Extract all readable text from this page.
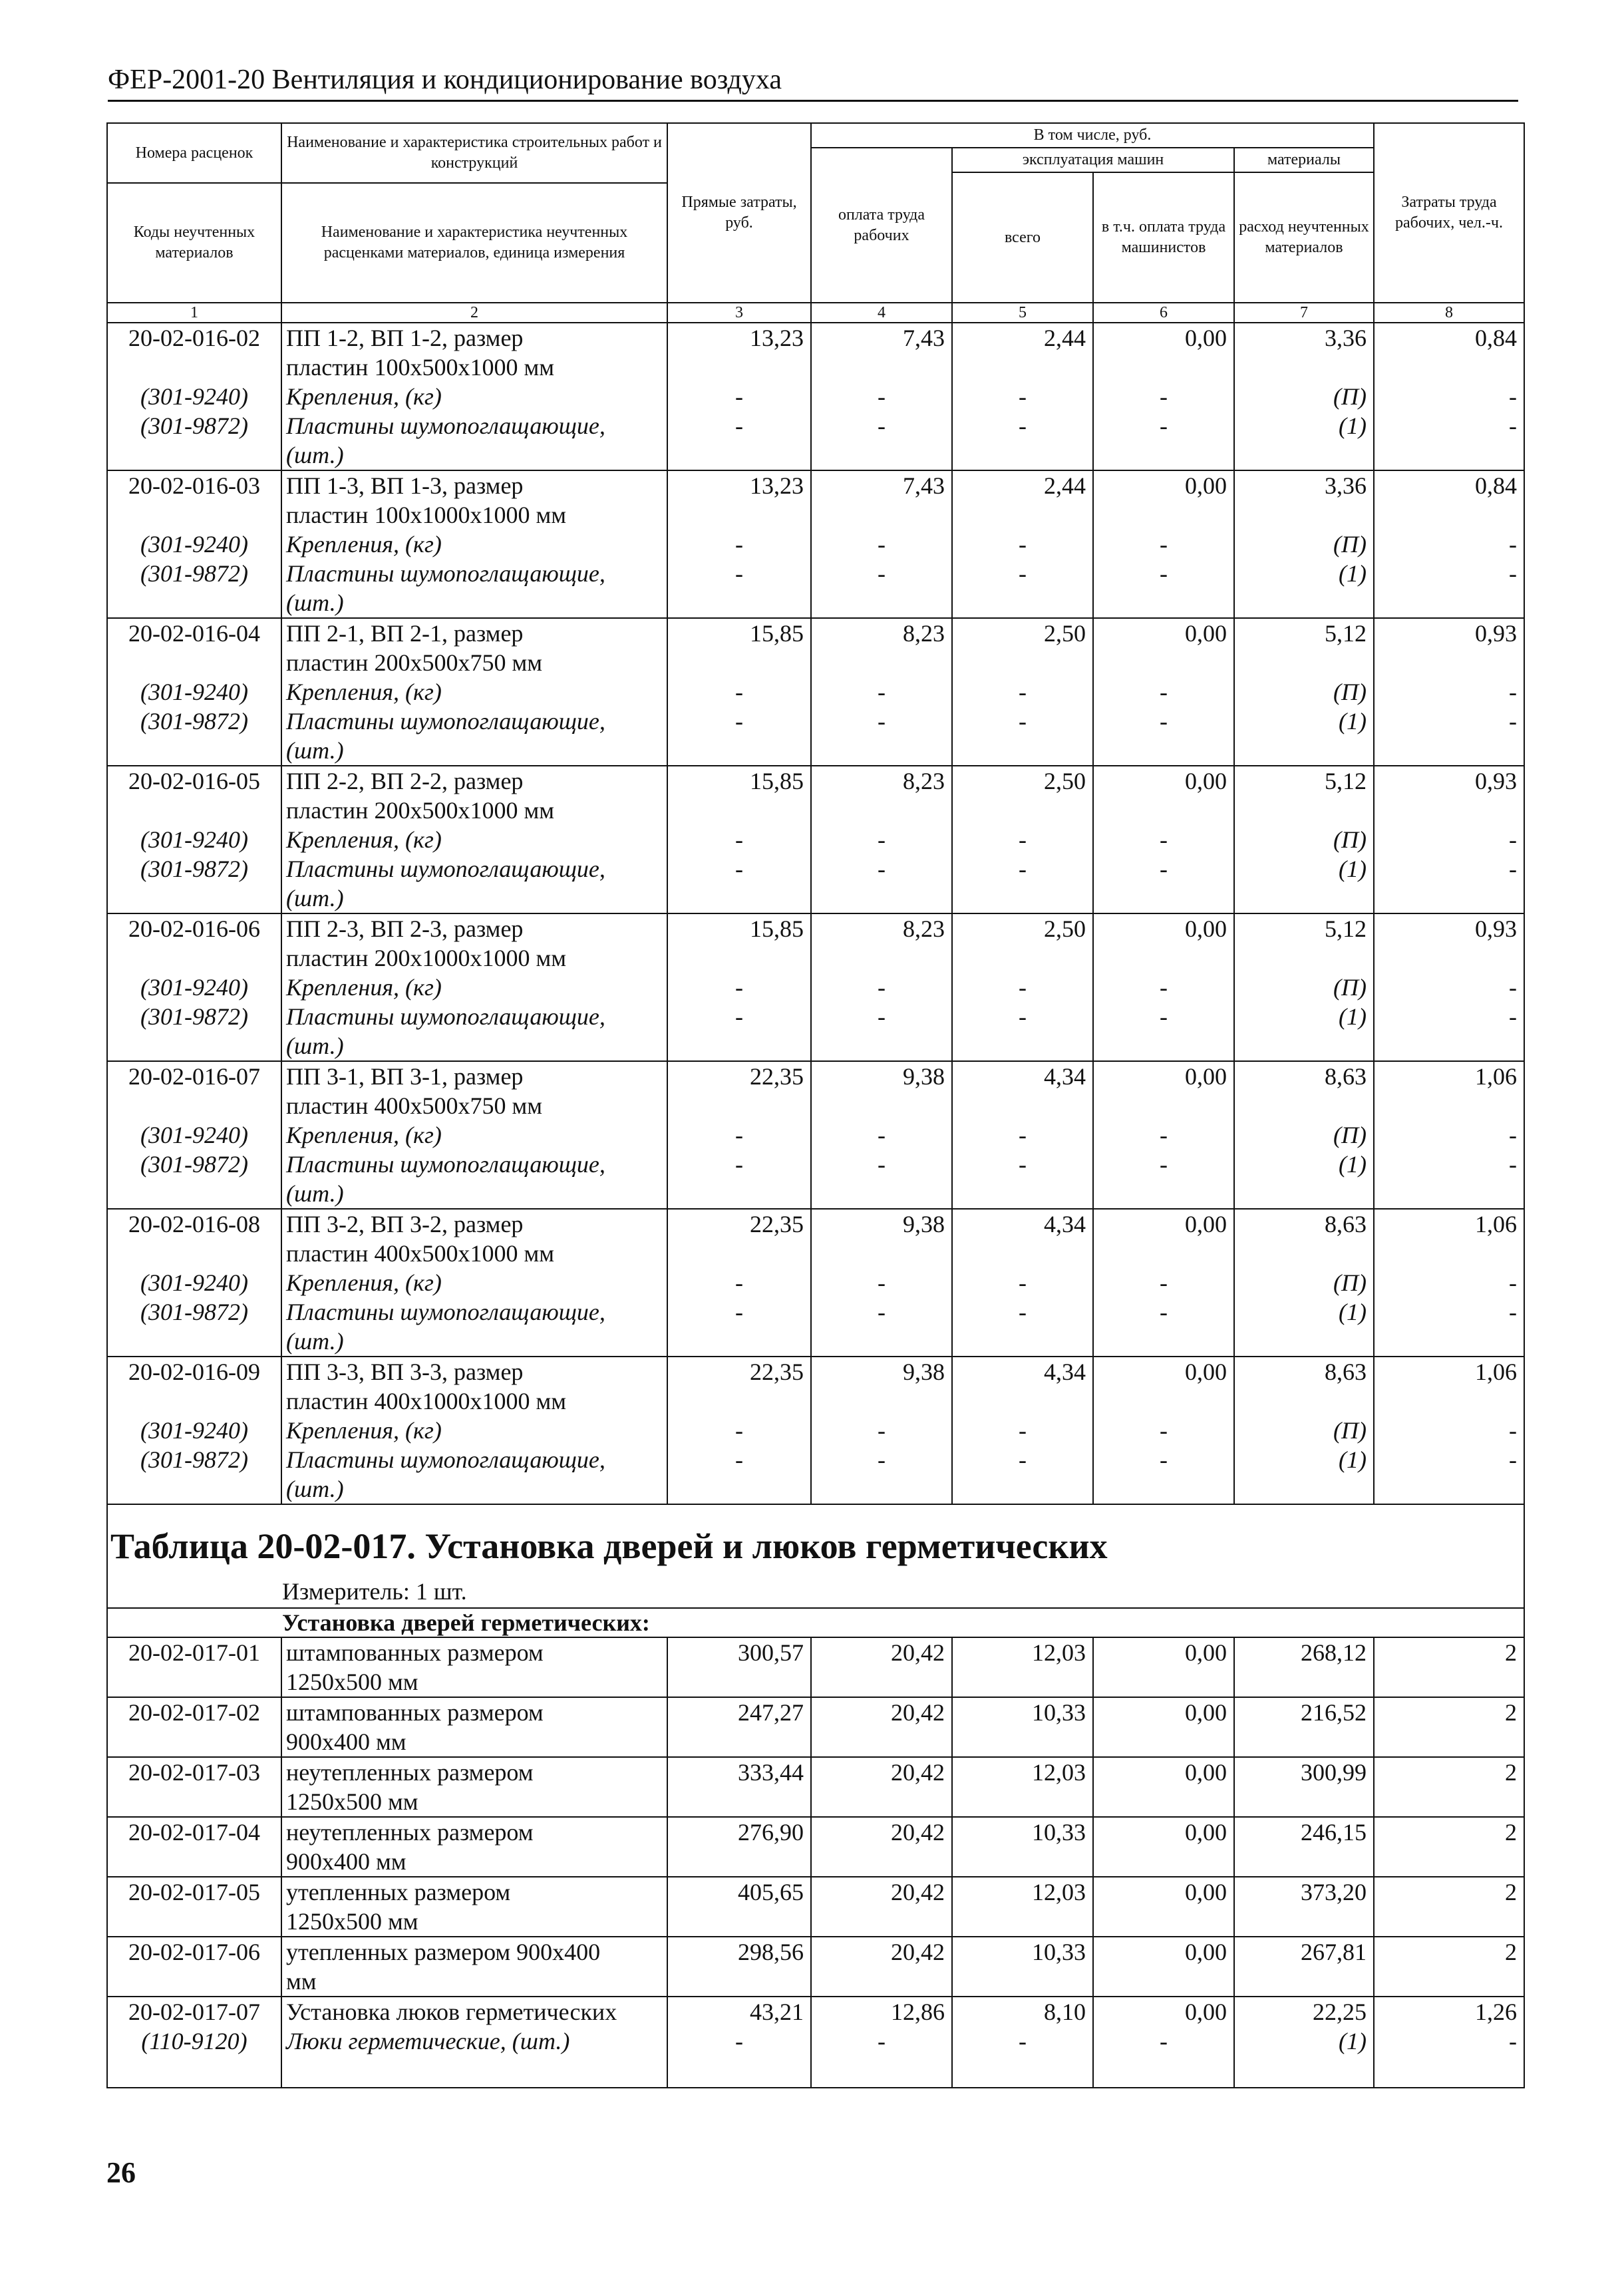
ФЕР-2001-20 Вентиляция и кондиционирование воздуха
Номера расценок	Наименование и характеристика строительных работ и конструкций	Прямые затраты, руб.	В том числе, руб.				Затраты труда рабочих, чел.-ч.
			оплата труда рабочих	эксплуатация машин		материалы	
				всего	в т.ч. оплата труда машинистов	расход неучтенных материалов	
Коды неучтенных материалов	Наименование и характеристика неучтенных расценками материалов, единица измерения						

1	2	3	4	5	6	7	8
20-02-016-02	ПП 1-2, ВП 1-2, размер	13,23	7,43	2,44	0,00	3,36	0,84
	пластин 100х500х1000 мм						
(301-9240)	Крепления, (кг)	-	-	-	-	(П)	-
(301-9872)	Пластины шумопоглащающие,	-	-	-	-	(1)	-
	(шт.)						
20-02-016-03	ПП 1-3, ВП 1-3, размер	13,23	7,43	2,44	0,00	3,36	0,84
	пластин 100х1000х1000 мм						
(301-9240)	Крепления, (кг)	-	-	-	-	(П)	-
(301-9872)	Пластины шумопоглащающие,	-	-	-	-	(1)	-
	(шт.)						
20-02-016-04	ПП 2-1, ВП 2-1, размер	15,85	8,23	2,50	0,00	5,12	0,93
	пластин 200х500х750 мм						
(301-9240)	Крепления, (кг)	-	-	-	-	(П)	-
(301-9872)	Пластины шумопоглащающие,	-	-	-	-	(1)	-
	(шт.)						
20-02-016-05	ПП 2-2, ВП 2-2, размер	15,85	8,23	2,50	0,00	5,12	0,93
	пластин 200х500х1000 мм						
(301-9240)	Крепления, (кг)	-	-	-	-	(П)	-
(301-9872)	Пластины шумопоглащающие,	-	-	-	-	(1)	-
	(шт.)						
20-02-016-06	ПП 2-3, ВП 2-3, размер	15,85	8,23	2,50	0,00	5,12	0,93
	пластин 200х1000х1000 мм						
(301-9240)	Крепления, (кг)	-	-	-	-	(П)	-
(301-9872)	Пластины шумопоглащающие,	-	-	-	-	(1)	-
	(шт.)						
20-02-016-07	ПП 3-1, ВП 3-1, размер	22,35	9,38	4,34	0,00	8,63	1,06
	пластин 400х500х750 мм						
(301-9240)	Крепления, (кг)	-	-	-	-	(П)	-
(301-9872)	Пластины шумопоглащающие,	-	-	-	-	(1)	-
	(шт.)						
20-02-016-08	ПП 3-2, ВП 3-2, размер	22,35	9,38	4,34	0,00	8,63	1,06
	пластин 400х500х1000 мм						
(301-9240)	Крепления, (кг)	-	-	-	-	(П)	-
(301-9872)	Пластины шумопоглащающие,	-	-	-	-	(1)	-
	(шт.)						
20-02-016-09	ПП 3-3, ВП 3-3, размер	22,35	9,38	4,34	0,00	8,63	1,06
	пластин 400х1000х1000 мм						
(301-9240)	Крепления, (кг)	-	-	-	-	(П)	-
(301-9872)	Пластины шумопоглащающие,	-	-	-	-	(1)	-
	(шт.)						

Таблица 20-02-017. Установка дверей и люков герметических
Измеритель: 1 шт.
Установка дверей герметических:							

20-02-017-01	штампованных размером	300,57	20,42	12,03	0,00	268,12	2
	1250х500 мм						
20-02-017-02	штампованных размером	247,27	20,42	10,33	0,00	216,52	2
	900х400 мм						
20-02-017-03	неутепленных размером	333,44	20,42	12,03	0,00	300,99	2
	1250х500 мм						
20-02-017-04	неутепленных размером	276,90	20,42	10,33	0,00	246,15	2
	900х400 мм						
20-02-017-05	утепленных размером	405,65	20,42	12,03	0,00	373,20	2
	1250х500 мм						
20-02-017-06	утепленных размером 900х400	298,56	20,42	10,33	0,00	267,81	2
	мм						
20-02-017-07	Установка люков герметических	43,21	12,86	8,10	0,00	22,25	1,26
(110-9120)	Люки герметические, (шт.)	-	-	-	-	(1)	-

26
